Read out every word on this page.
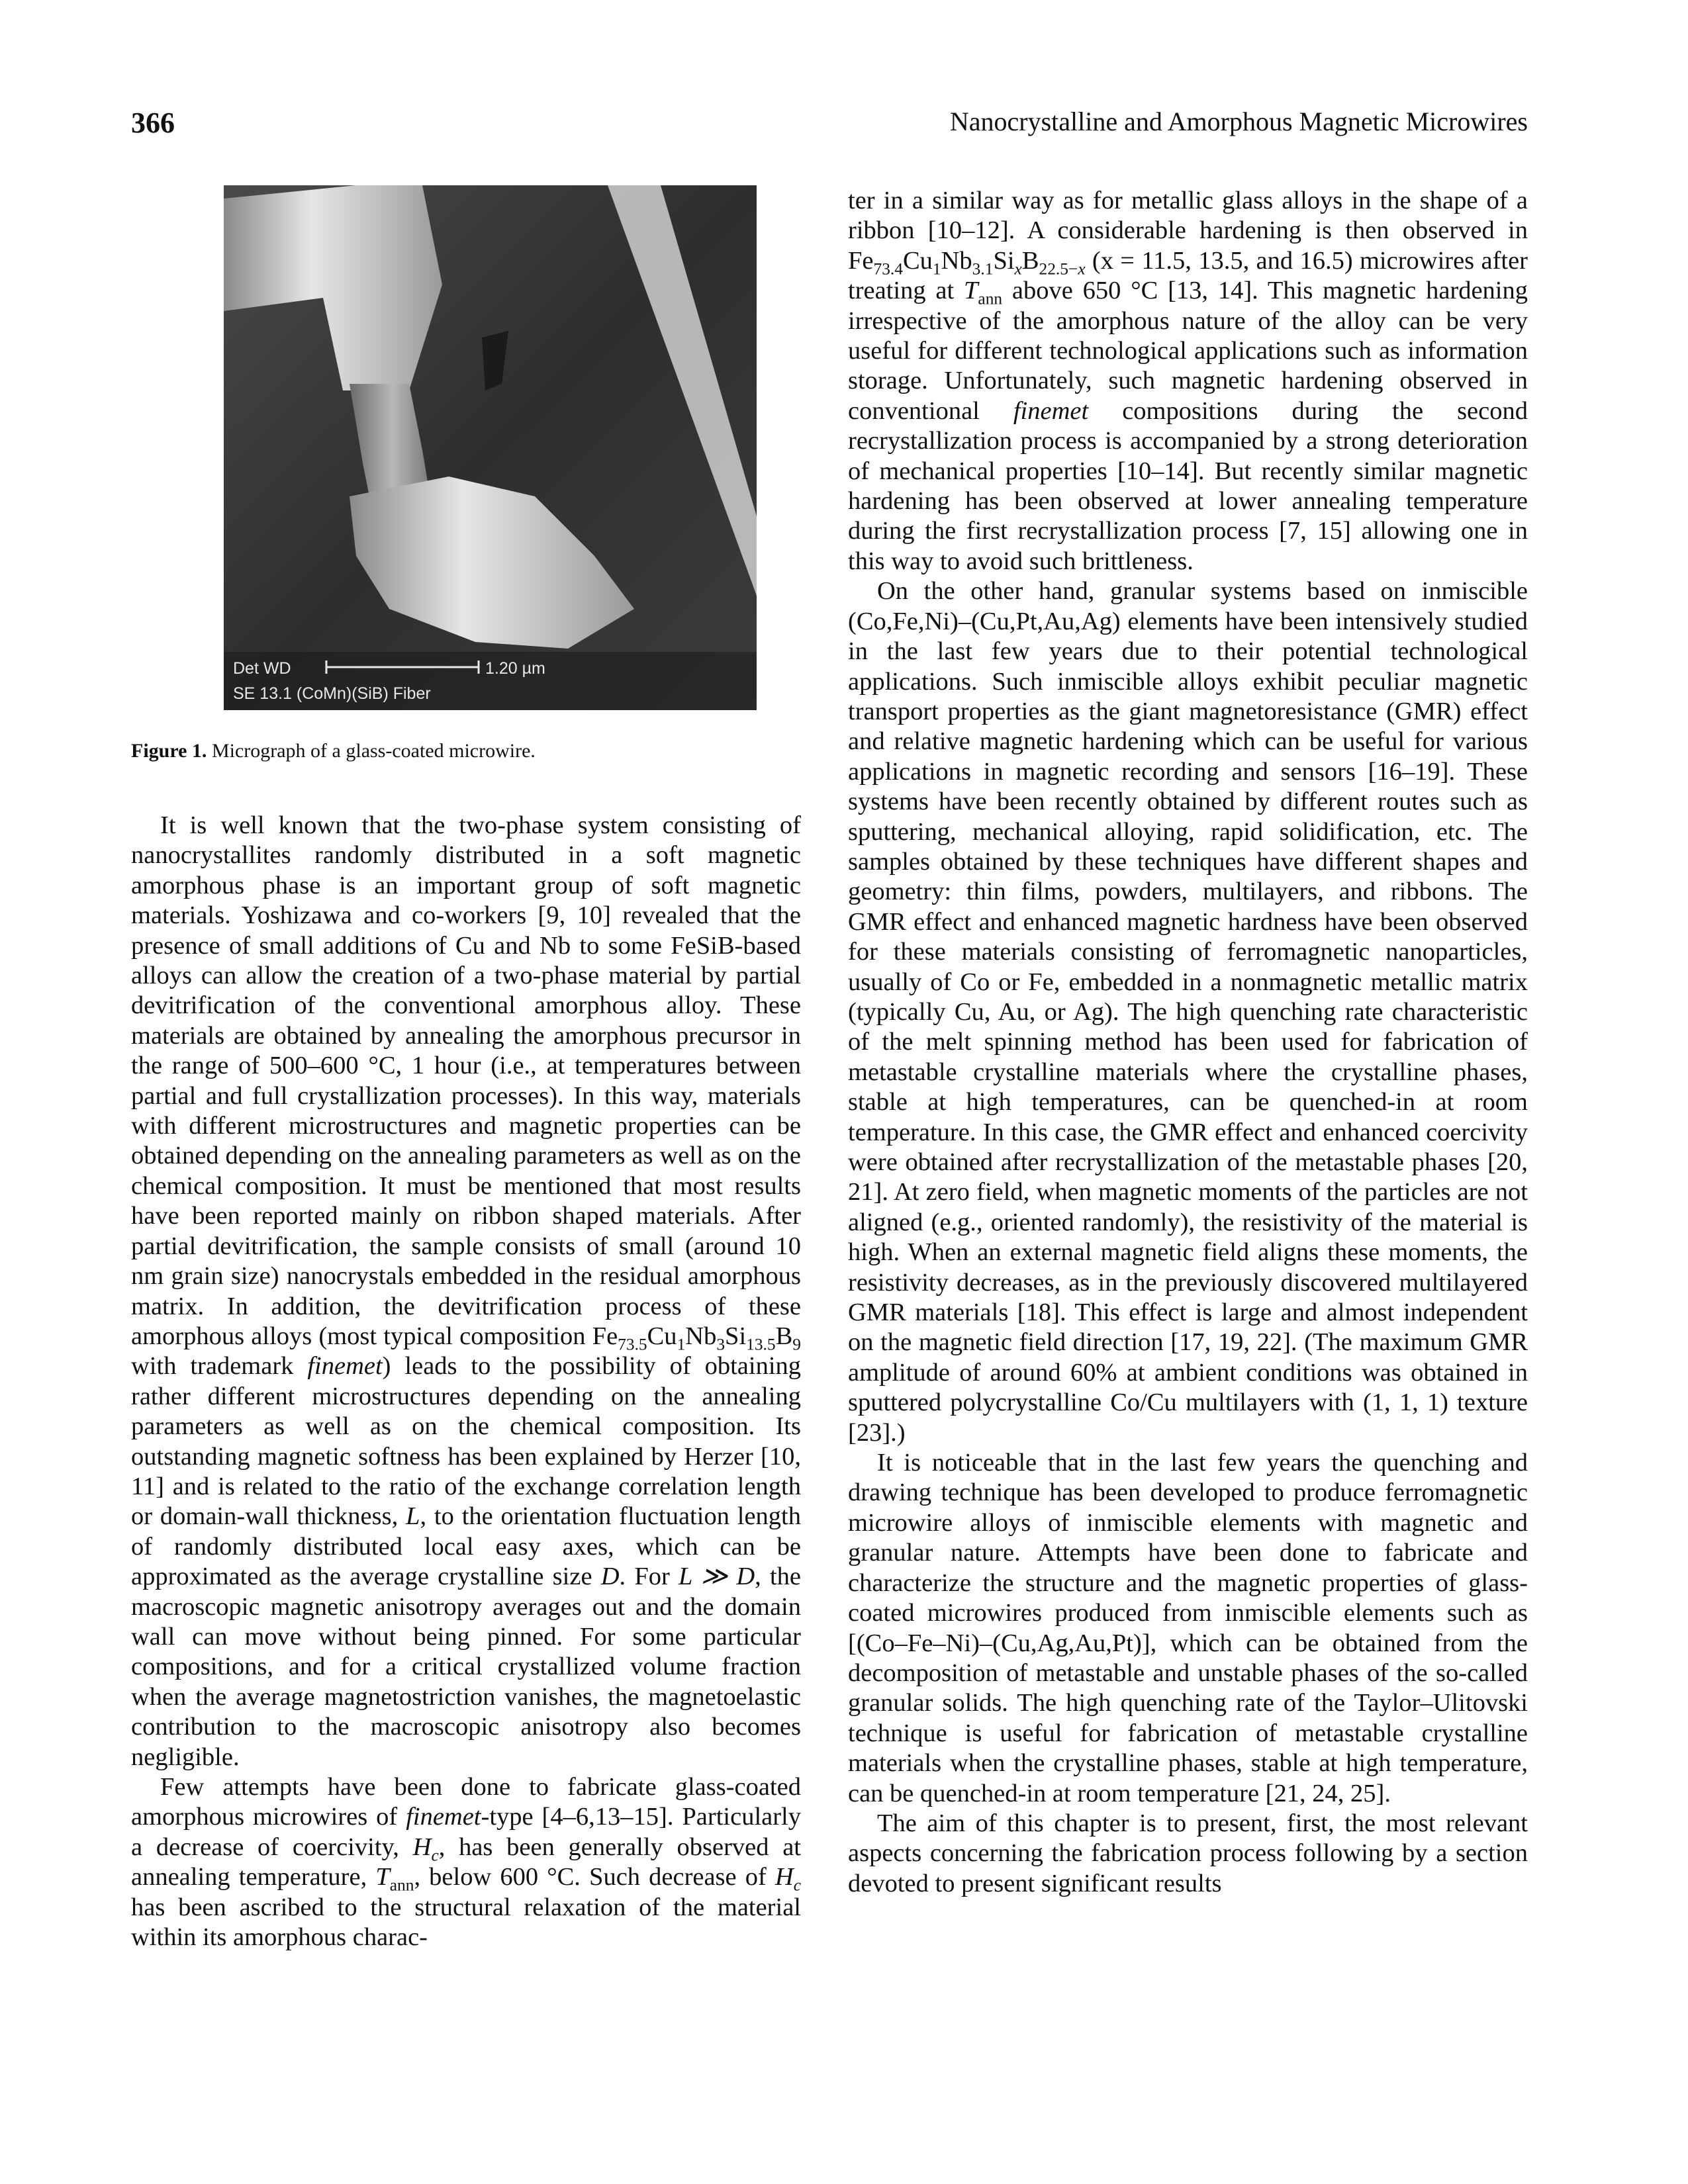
366	Nanocrystalline and Amorphous Magnetic Microwires
Det WD	1.20 µm
SE 13.1 (CoMn)(SiB) Fiber
Figure 1. Micrograph of a glass-coated microwire.

It is well known that the two-phase system consisting of nanocrystallites randomly distributed in a soft magnetic amorphous phase is an important group of soft magnetic materials. Yoshizawa and co-workers [9, 10] revealed that the presence of small additions of Cu and Nb to some FeSiB-based alloys can allow the creation of a two-phase material by partial devitrification of the conventional amorphous alloy. These materials are obtained by annealing the amorphous precursor in the range of 500–600 °C, 1 hour (i.e., at temperatures between partial and full crystallization processes). In this way, materials with different microstructures and magnetic properties can be obtained depending on the annealing parameters as well as on the chemical composition. It must be mentioned that most results have been reported mainly on ribbon shaped materials. After partial devitrification, the sample consists of small (around 10 nm grain size) nanocrystals embedded in the residual amorphous matrix. In addition, the devitrification process of these amorphous alloys (most typical composition $Fe_{73.5}Cu_1Nb_3Si_{13.5}B_9$ with trademark finemet) leads to the possibility of obtaining rather different microstructures depending on the annealing parameters as well as on the chemical composition. Its outstanding magnetic softness has been explained by Herzer [10, 11] and is related to the ratio of the exchange correlation length or domain-wall thickness, L, to the orientation fluctuation length of randomly distributed local easy axes, which can be approximated as the average crystalline size D. For L ≫ D, the macroscopic magnetic anisotropy averages out and the domain wall can move without being pinned. For some particular compositions, and for a critical crystallized volume fraction when the average magnetostriction vanishes, the magnetoelastic contribution to the macroscopic anisotropy also becomes negligible.

Few attempts have been done to fabricate glass-coated amorphous microwires of finemet-type [4–6,13–15]. Particularly a decrease of coercivity, $H_c$, has been generally observed at annealing temperature, $T_{ann}$, below 600 °C. Such decrease of $H_c$ has been ascribed to the structural relaxation of the material within its amorphous charac-

ter in a similar way as for metallic glass alloys in the shape of a ribbon [10–12]. A considerable hardening is then observed in $Fe_{73.4}Cu_1Nb_{3.1}Si_xB_{22.5-x}$ (x = 11.5, 13.5, and 16.5) microwires after treating at $T_{ann}$ above 650 °C [13, 14]. This magnetic hardening irrespective of the amorphous nature of the alloy can be very useful for different technological applications such as information storage. Unfortunately, such magnetic hardening observed in conventional finemet compositions during the second recrystallization process is accompanied by a strong deterioration of mechanical properties [10–14]. But recently similar magnetic hardening has been observed at lower annealing temperature during the first recrystallization process [7, 15] allowing one in this way to avoid such brittleness.

On the other hand, granular systems based on inmiscible (Co,Fe,Ni)–(Cu,Pt,Au,Ag) elements have been intensively studied in the last few years due to their potential technological applications. Such inmiscible alloys exhibit peculiar magnetic transport properties as the giant magnetoresistance (GMR) effect and relative magnetic hardening which can be useful for various applications in magnetic recording and sensors [16–19]. These systems have been recently obtained by different routes such as sputtering, mechanical alloying, rapid solidification, etc. The samples obtained by these techniques have different shapes and geometry: thin films, powders, multilayers, and ribbons. The GMR effect and enhanced magnetic hardness have been observed for these materials consisting of ferromagnetic nanoparticles, usually of Co or Fe, embedded in a nonmagnetic metallic matrix (typically Cu, Au, or Ag). The high quenching rate characteristic of the melt spinning method has been used for fabrication of metastable crystalline materials where the crystalline phases, stable at high temperatures, can be quenched-in at room temperature. In this case, the GMR effect and enhanced coercivity were obtained after recrystallization of the metastable phases [20, 21]. At zero field, when magnetic moments of the particles are not aligned (e.g., oriented randomly), the resistivity of the material is high. When an external magnetic field aligns these moments, the resistivity decreases, as in the previously discovered multilayered GMR materials [18]. This effect is large and almost independent on the magnetic field direction [17, 19, 22]. (The maximum GMR amplitude of around 60% at ambient conditions was obtained in sputtered polycrystalline Co/Cu multilayers with (1, 1, 1) texture [23].)

It is noticeable that in the last few years the quenching and drawing technique has been developed to produce ferromagnetic microwire alloys of inmiscible elements with magnetic and granular nature. Attempts have been done to fabricate and characterize the structure and the magnetic properties of glass-coated microwires produced from inmiscible elements such as [(Co–Fe–Ni)–(Cu,Ag,Au,Pt)], which can be obtained from the decomposition of metastable and unstable phases of the so-called granular solids. The high quenching rate of the Taylor–Ulitovski technique is useful for fabrication of metastable crystalline materials when the crystalline phases, stable at high temperature, can be quenched-in at room temperature [21, 24, 25].

The aim of this chapter is to present, first, the most relevant aspects concerning the fabrication process following by a section devoted to present significant results
